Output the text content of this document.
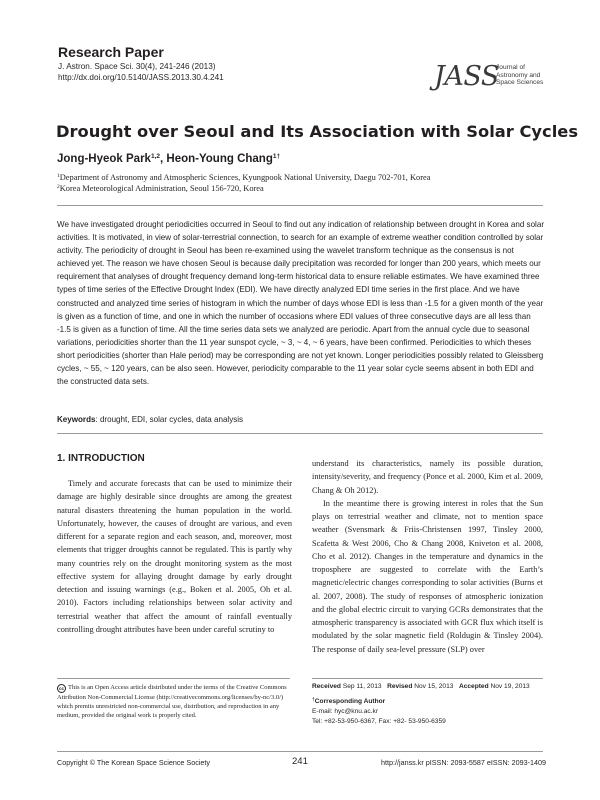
Research Paper
J. Astron. Space Sci. 30(4), 241-246 (2013)
http://dx.doi.org/10.5140/JASS.2013.30.4.241	JASS
Journal of
Astronomy and
Space Sciences
Drought over Seoul and Its Association with Solar Cycles
Jong-Hyeok Park$^{1,2}$, Heon-Young Chang$^{1\dagger}$
$^1$Department of Astronomy and Atmospheric Sciences, Kyungpook National University, Daegu 702-701, Korea
$^2$Korea Meteorological Administration, Seoul 156-720, Korea

We have investigated drought periodicities occurred in Seoul to find out any indication of relationship between drought in Korea and solar activities. It is motivated, in view of solar-terrestrial connection, to search for an example of extreme weather condition controlled by solar activity. The periodicity of drought in Seoul has been re-examined using the wavelet transform technique as the consensus is not achieved yet. The reason we have chosen Seoul is because daily precipitation was recorded for longer than 200 years, which meets our requirement that analyses of drought frequency demand long-term historical data to ensure reliable estimates. We have examined three types of time series of the Effective Drought Index (EDI). We have directly analyzed EDI time series in the first place. And we have constructed and analyzed time series of histogram in which the number of days whose EDI is less than -1.5 for a given month of the year is given as a function of time, and one in which the number of occasions where EDI values of three consecutive days are all less than -1.5 is given as a function of time. All the time series data sets we analyzed are periodic. Apart from the annual cycle due to seasonal variations, periodicities shorter than the 11 year sunspot cycle, ~ 3, ~ 4, ~ 6 years, have been confirmed. Periodicities to which theses short periodicities (shorter than Hale period) may be corresponding are not yet known. Longer periodicities possibly related to Gleissberg cycles, ~ 55, ~ 120 years, can be also seen. However, periodicity comparable to the 11 year solar cycle seems absent in both EDI and the constructed data sets.

Keywords: drought, EDI, solar cycles, data analysis
1. INTRODUCTION

Timely and accurate forecasts that can be used to minimize their damage are highly desirable since droughts are among the greatest natural disasters threatening the human population in the world. Unfortunately, however, the causes of drought are various, and even different for a separate region and each season, and, moreover, most elements that trigger droughts cannot be regulated. This is partly why many countries rely on the drought monitoring system as the most effective system for allaying drought damage by early drought detection and issuing warnings (e.g., Boken et al. 2005, Oh et al. 2010). Factors including relationships between solar activity and terrestrial weather that affect the amount of rainfall eventually controlling drought attributes have been under careful scrutiny to

understand its characteristics, namely its possible duration, intensity/severity, and frequency (Ponce et al. 2000, Kim et al. 2009, Chang & Oh 2012).

In the meantime there is growing interest in roles that the Sun plays on terrestrial weather and climate, not to mention space weather (Svensmark & Friis-Christensen 1997, Tinsley 2000, Scafetta & West 2006, Cho & Chang 2008, Kniveton et al. 2008, Cho et al. 2012). Changes in the temperature and dynamics in the troposphere are suggested to correlate with the Earth’s magnetic/electric changes corresponding to solar activities (Burns et al. 2007, 2008). The study of responses of atmospheric ionization and the global electric circuit to varying GCRs demonstrates that the atmospheric transparency is associated with GCR flux which itself is modulated by the solar magnetic field (Roldugin & Tinsley 2004). The response of daily sea-level pressure (SLP) over

cc This is an Open Access article distributed under the terms of the Creative Commons Attribution Non-Commercial License (http://creativecommons.org/licenses/by-nc/3.0/) which premits unrestricted non-commercial use, distribution, and reproduction in any medium, provided the original work is properly cited.
Received Sep 11, 2013 Revised Nov 15, 2013 Accepted Nov 19, 2013
†Corresponding Author
E-mail: hyc@knu.ac.kr
Tel: +82-53-950-6367, Fax: +82- 53-950-6359
Copyright © The Korean Space Science Society	241	http://janss.kr pISSN: 2093-5587 eISSN: 2093-1409
